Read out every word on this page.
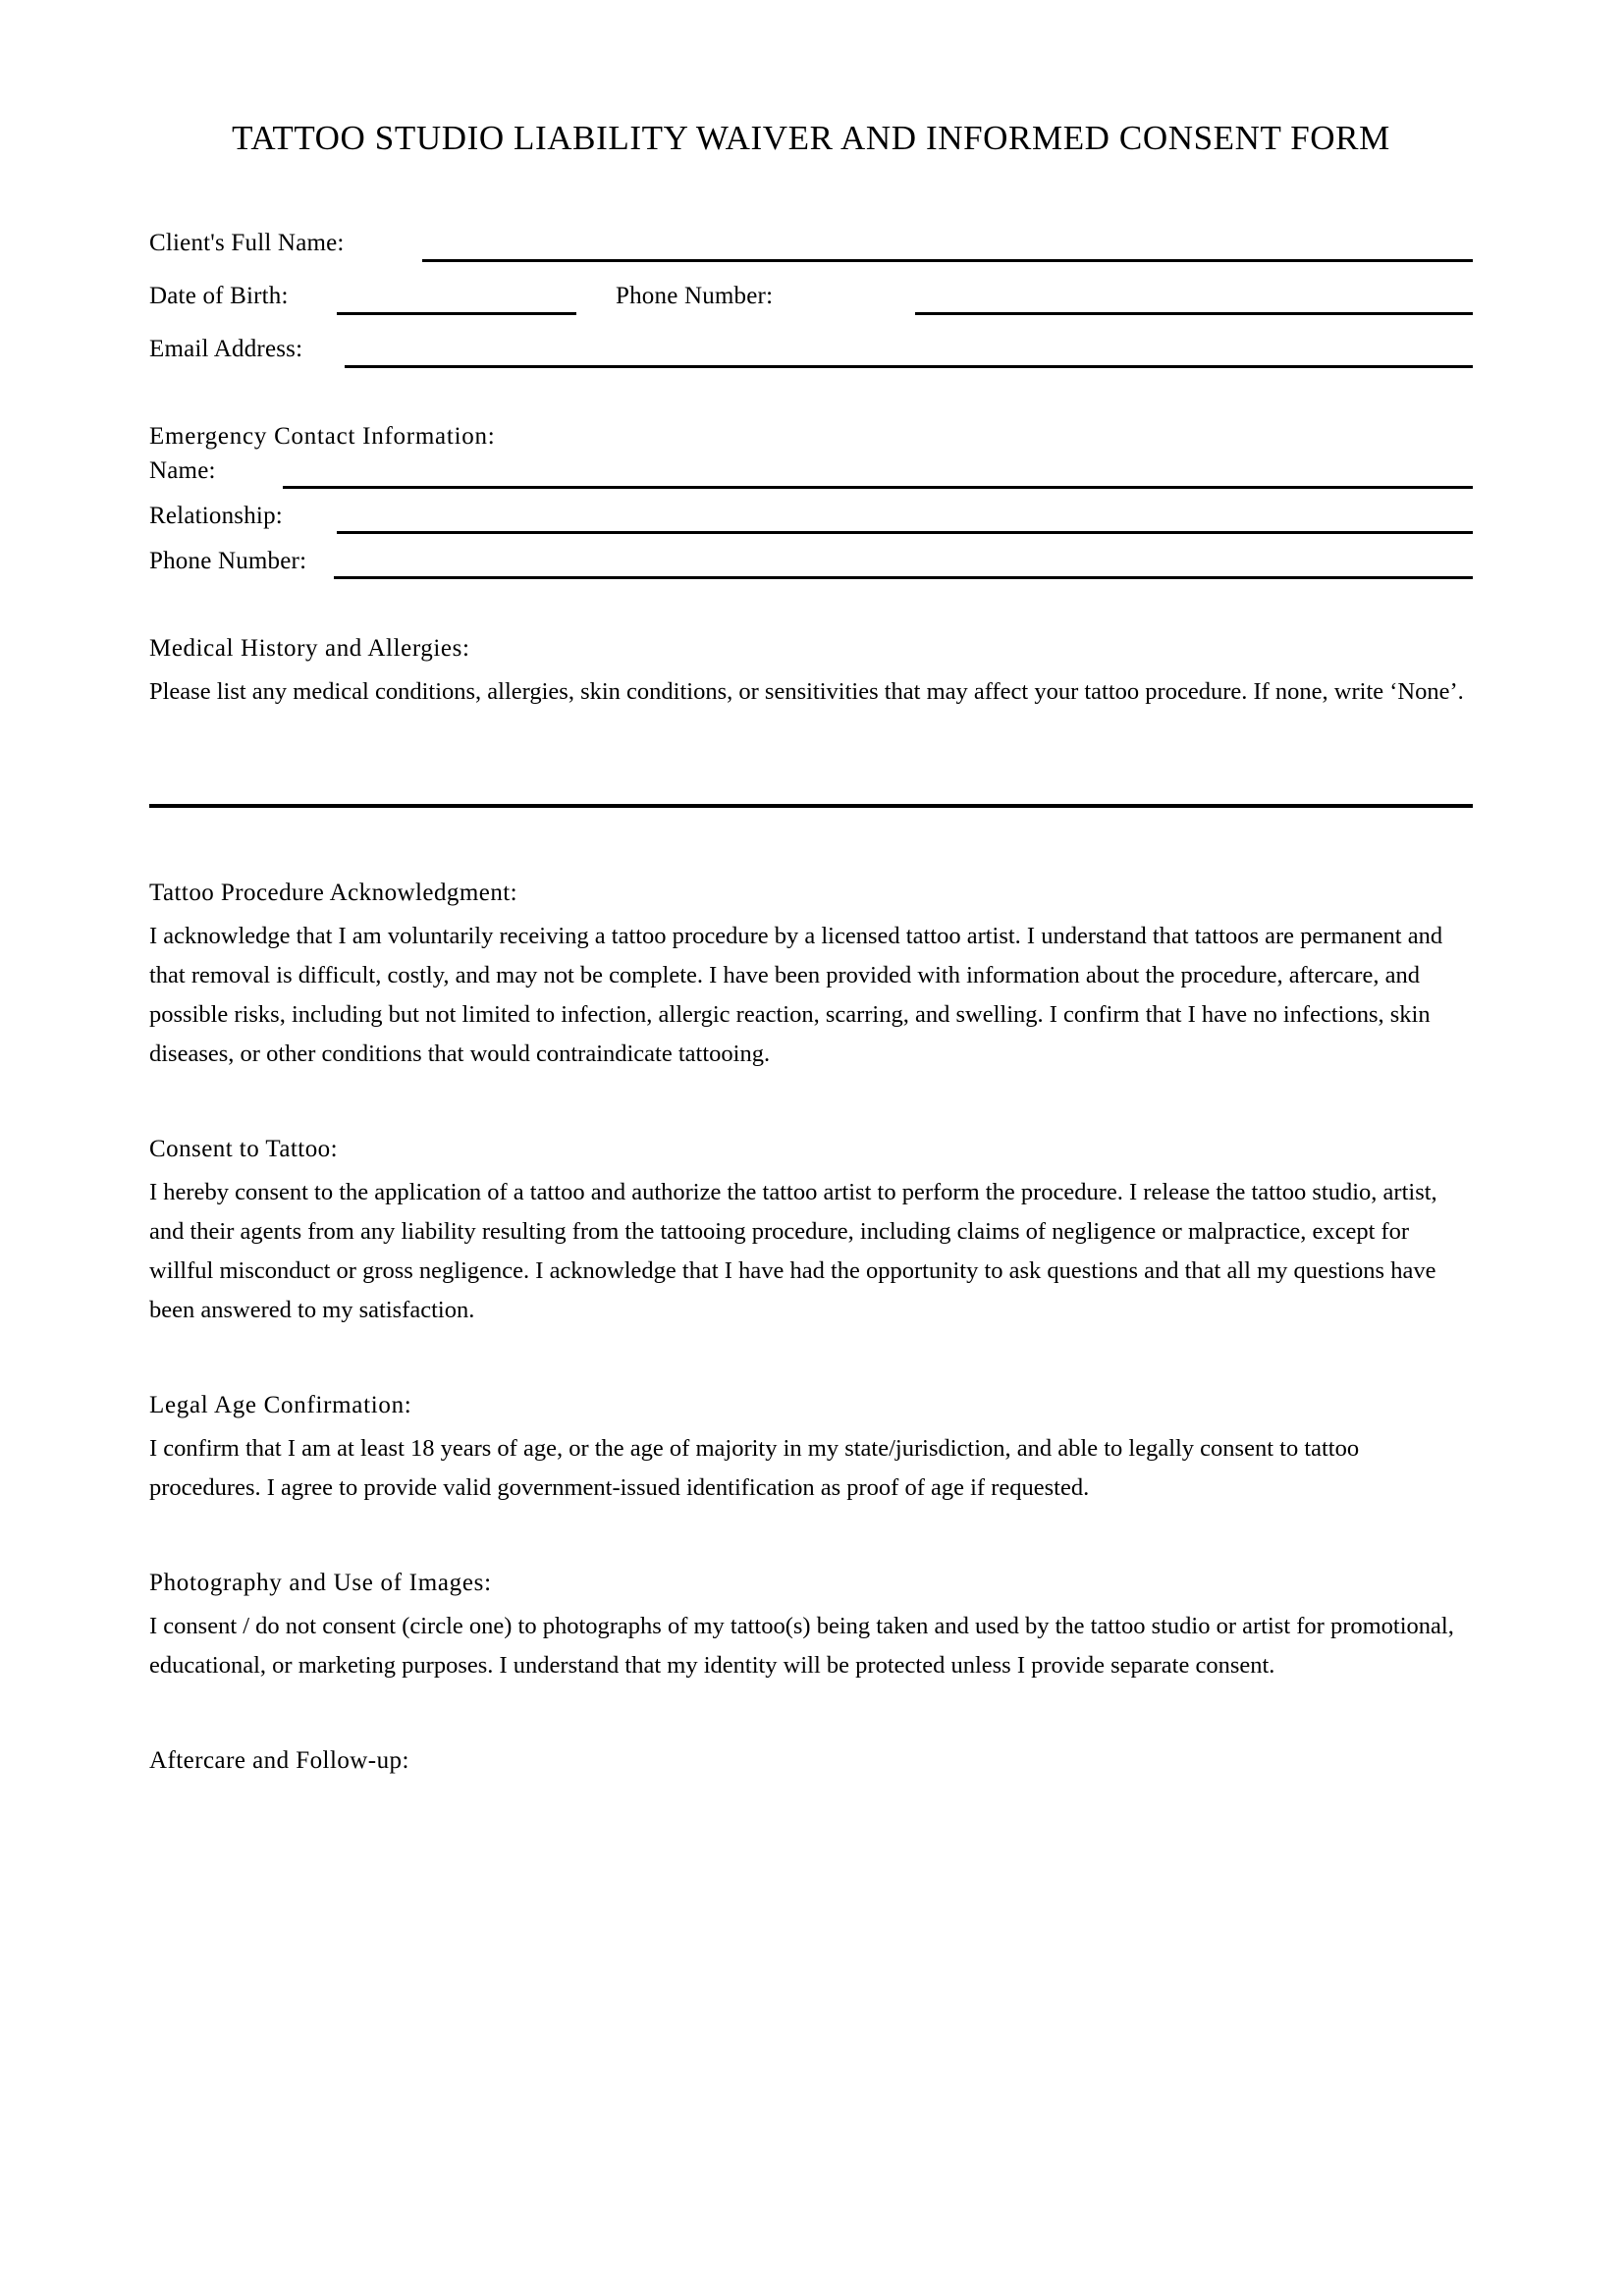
TATTOO STUDIO LIABILITY WAIVER AND INFORMED CONSENT FORM
Client's Full Name:
Date of Birth:	Phone Number:
Email Address:
Emergency Contact Information:
Name:
Relationship:
Phone Number:
Medical History and Allergies:

Please list any medical conditions, allergies, skin conditions, or sensitivities that may affect your tattoo procedure. If none, write ‘None’.

Tattoo Procedure Acknowledgment:

I acknowledge that I am voluntarily receiving a tattoo procedure by a licensed tattoo artist. I understand that tattoos are permanent and that removal is difficult, costly, and may not be complete. I have been provided with information about the procedure, aftercare, and possible risks, including but not limited to infection, allergic reaction, scarring, and swelling. I confirm that I have no infections, skin diseases, or other conditions that would contraindicate tattooing.

Consent to Tattoo:

I hereby consent to the application of a tattoo and authorize the tattoo artist to perform the procedure. I release the tattoo studio, artist, and their agents from any liability resulting from the tattooing procedure, including claims of negligence or malpractice, except for willful misconduct or gross negligence. I acknowledge that I have had the opportunity to ask questions and that all my questions have been answered to my satisfaction.

Legal Age Confirmation:

I confirm that I am at least 18 years of age, or the age of majority in my state/jurisdiction, and able to legally consent to tattoo procedures. I agree to provide valid government-issued identification as proof of age if requested.

Photography and Use of Images:

I consent / do not consent (circle one) to photographs of my tattoo(s) being taken and used by the tattoo studio or artist for promotional, educational, or marketing purposes. I understand that my identity will be protected unless I provide separate consent.

Aftercare and Follow-up:
